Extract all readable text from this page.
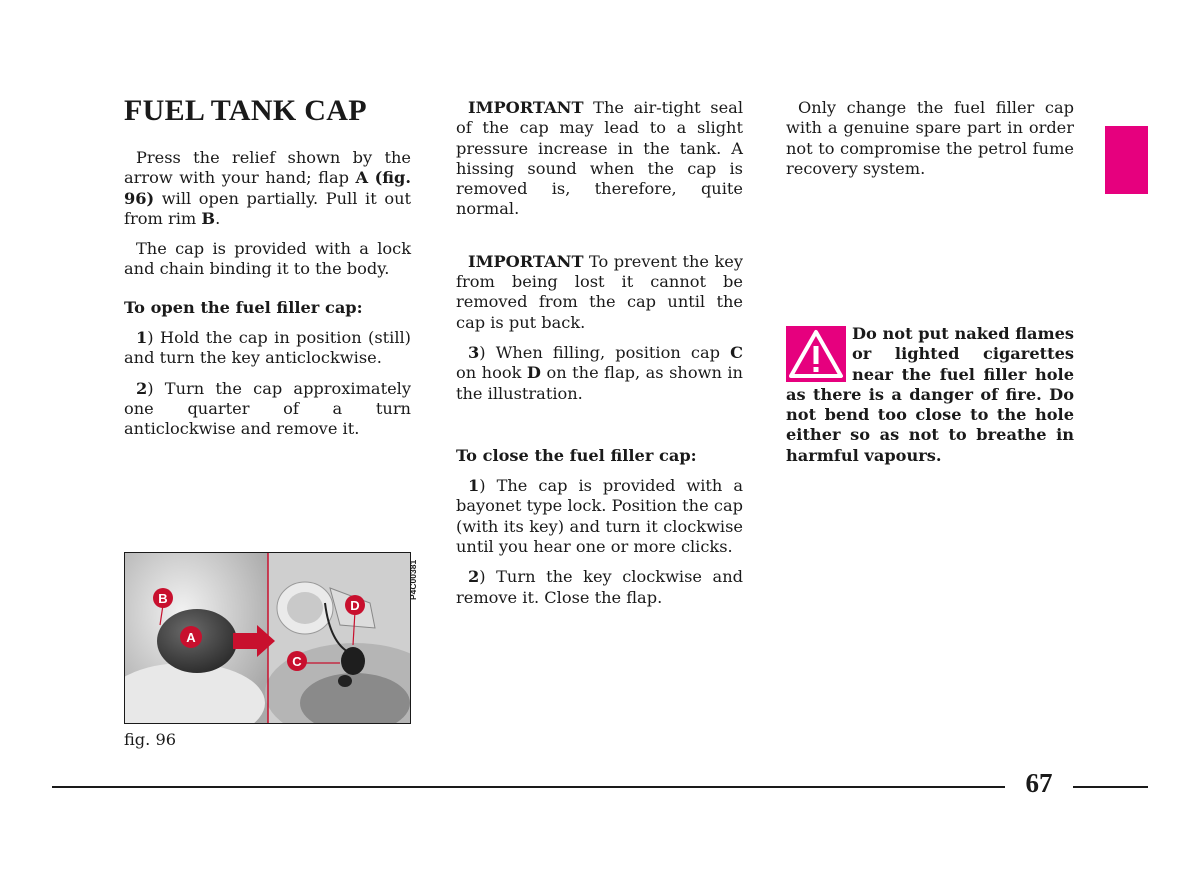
FUEL TANK CAP

Press the relief shown by the arrow with your hand; flap A (fig. 96) will open partially. Pull it out from rim B.

The cap is provided with a lock and chain binding it to the body.

To open the fuel filler cap:

1) Hold the cap in position (still) and turn the key anticlockwise.

2) Turn the cap approximately one quarter of a turn anticlockwise and remove it.

B
A
D
C
P4C00381
fig. 96

IMPORTANT The air-tight seal of the cap may lead to a slight pressure increase in the tank. A hissing sound when the cap is removed is, therefore, quite normal.

IMPORTANT To prevent the key from being lost it cannot be removed from the cap until the cap is put back.

3) When filling, position cap C on hook D on the flap, as shown in the illustration.

To close the fuel filler cap:

1) The cap is provided with a bayonet type lock. Position the cap (with its key) and turn it clockwise until you hear one or more clicks.

2) Turn the key clockwise and remove it. Close the flap.

Only change the fuel filler cap with a genuine spare part in order not to compromise the petrol fume recovery system.

Do not put naked flames or lighted cigarettes near the fuel filler hole as there is a danger of fire. Do not bend too close to the hole either so as not to breathe in harmful vapours.
67
